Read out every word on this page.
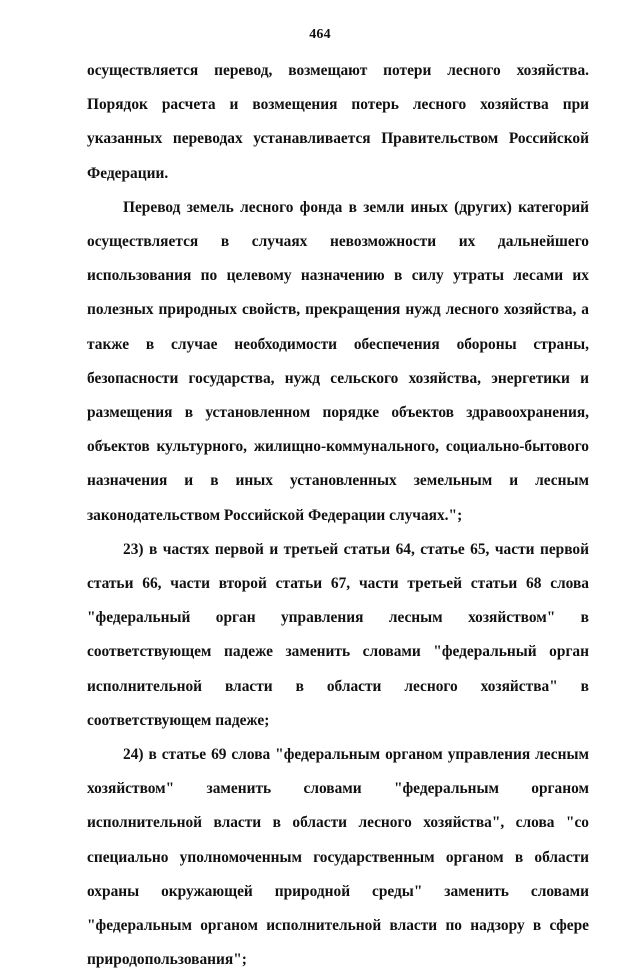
464

осуществляется перевод, возмещают потери лесного хозяйства. Порядок расчета и возмещения потерь лесного хозяйства при указанных переводах устанавливается Правительством Российской Федерации.

Перевод земель лесного фонда в земли иных (других) категорий осуществляется в случаях невозможности их дальнейшего использования по целевому назначению в силу утраты лесами их полезных природных свойств, прекращения нужд лесного хозяйства, а также в случае необходимости обеспечения обороны страны, безопасности государства, нужд сельского хозяйства, энергетики и размещения в установленном порядке объектов здравоохранения, объектов культурного, жилищно-коммунального, социально-бытового назначения и в иных установленных земельным и лесным законодательством Российской Федерации случаях.";

23) в частях первой и третьей статьи 64, статье 65, части первой статьи 66, части второй статьи 67, части третьей статьи 68 слова "федеральный орган управления лесным хозяйством" в соответствующем падеже заменить словами "федеральный орган исполнительной власти в области лесного хозяйства" в соответствующем падеже;

24) в статье 69 слова "федеральным органом управления лесным хозяйством" заменить словами "федеральным органом исполнительной власти в области лесного хозяйства", слова "со специально уполномоченным государственным органом в области охраны окружающей природной среды" заменить словами "федеральным органом исполнительной власти по надзору в сфере природопользования";
